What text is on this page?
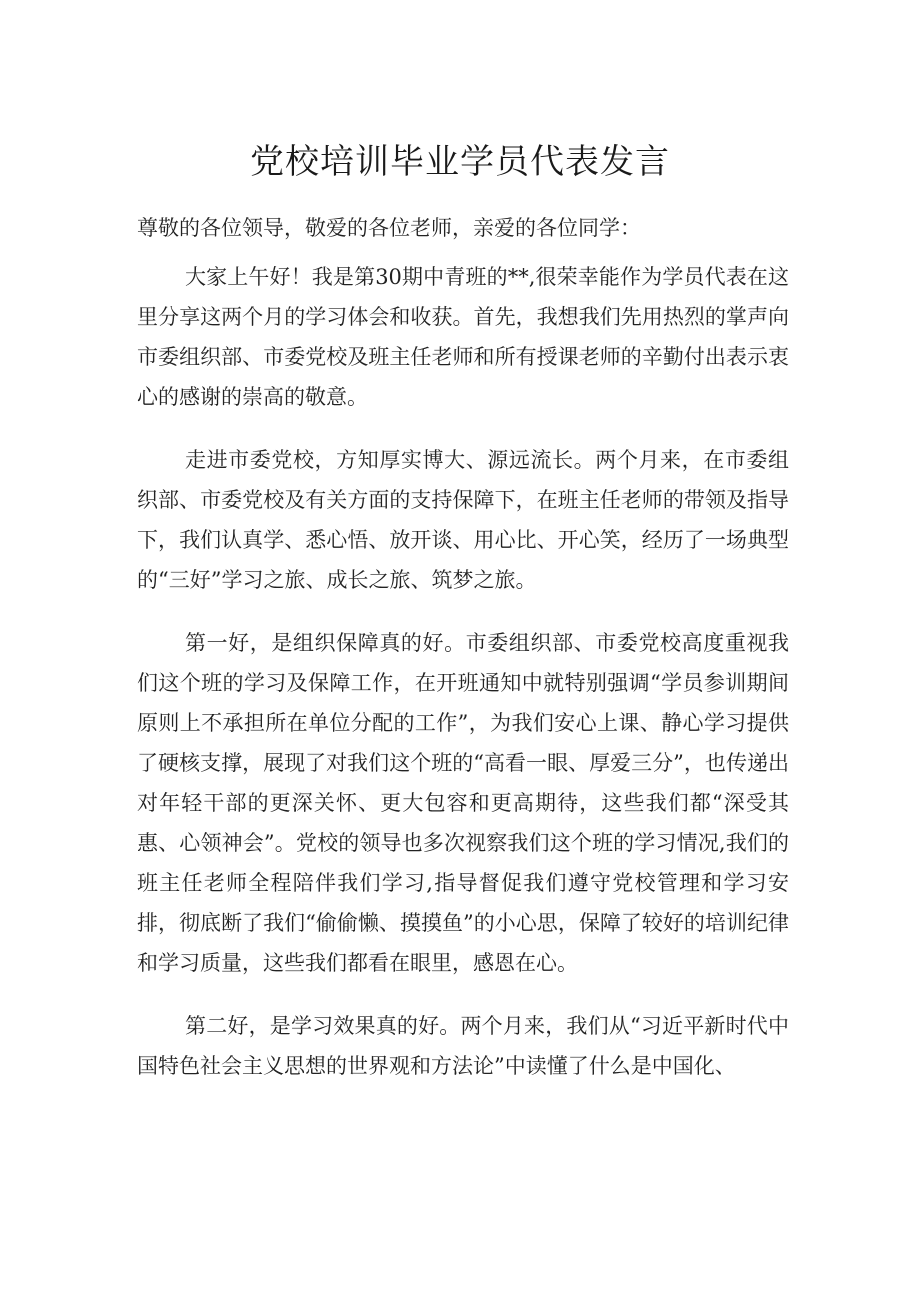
党校培训毕业学员代表发言

尊敬的各位领导，敬爱的各位老师，亲爱的各位同学：

大家上午好！我是第30期中青班的**,很荣幸能作为学员代表在这里分享这两个月的学习体会和收获。首先，我想我们先用热烈的掌声向市委组织部、市委党校及班主任老师和所有授课老师的辛勤付出表示衷心的感谢的崇高的敬意。

走进市委党校，方知厚实博大、源远流长。两个月来，在市委组织部、市委党校及有关方面的支持保障下，在班主任老师的带领及指导下，我们认真学、悉心悟、放开谈、用心比、开心笑，经历了一场典型的“三好”学习之旅、成长之旅、筑梦之旅。

第一好，是组织保障真的好。市委组织部、市委党校高度重视我们这个班的学习及保障工作，在开班通知中就特别强调“学员参训期间原则上不承担所在单位分配的工作”，为我们安心上课、静心学习提供了硬核支撑，展现了对我们这个班的“高看一眼、厚爱三分”，也传递出对年轻干部的更深关怀、更大包容和更高期待，这些我们都“深受其惠、心领神会”。党校的领导也多次视察我们这个班的学习情况,我们的班主任老师全程陪伴我们学习,指导督促我们遵守党校管理和学习安排，彻底断了我们“偷偷懒、摸摸鱼”的小心思，保障了较好的培训纪律和学习质量，这些我们都看在眼里，感恩在心。

第二好，是学习效果真的好。两个月来，我们从“习近平新时代中国特色社会主义思想的世界观和方法论”中读懂了什么是中国化、
